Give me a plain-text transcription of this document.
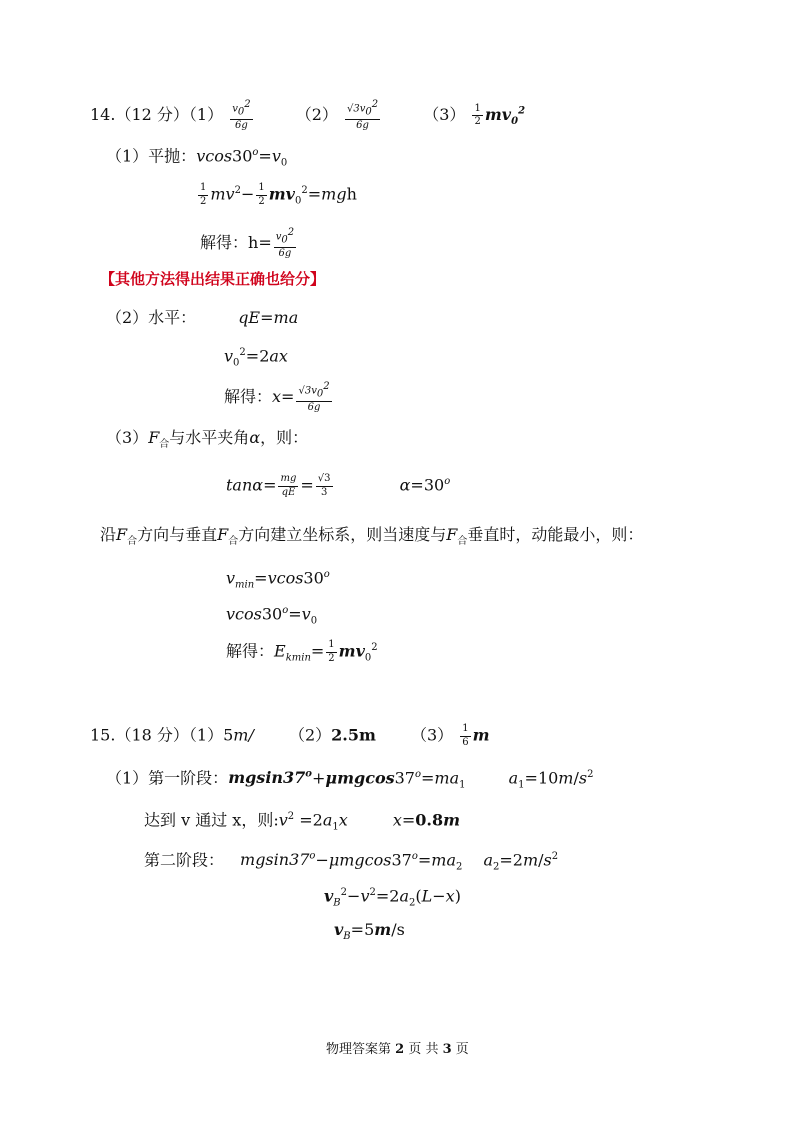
14.（12 分）$(1) \frac{v_0^2}{6g}$	$(2) \frac{√3v_0^2}{6g}$	$(3) \frac{1}{2} mv_0^2$
（1）平抛：$vcos30^o=v_0$
$\frac{1}{2} mv^2- \frac{1}{2} mv_0^2=mgh$
解得：$h= \frac{v_0^2}{6g}$
【其他方法得出结果正确也给分】
（2）水平：	qE=ma
$v_0^2=2ax$
解得：$x= \frac{√3v_0^2}{6g}$
$(3)F_合$与水平夹角α，则：
$\tan\alpha= \frac{mg}{qE} = \frac{√3}{3}$	$\alpha=30^o$
沿$F_合$方向与垂直$F_合$方向建立坐标系，则当速度与$F_合$垂直时，动能最小，则：
$v_{min}=vcos30^o$
$vcos30^o=v_0$
解得：$E_{kmin}= \frac{1}{2} mv_0^2$
15.（18 分）（1）5m/ （2）2.5m $(3) \frac{1}{6}$ m
（1）第一阶段：$mgsin37^o+\mu mgcos37^o=ma_1$	$a_1=10m/s^2$
达到 v 通过 x，则$:v^2 =2a_1x$	x=0.8m
第二阶段： $mgsin37^o-\mu mgcos37^o=ma_2$ $a_2=2m/s^2$
$v_B^2-v^2=2a_2(L-x)$
$v_B=5m/s$
物理答案第 2 页 共 3 页
